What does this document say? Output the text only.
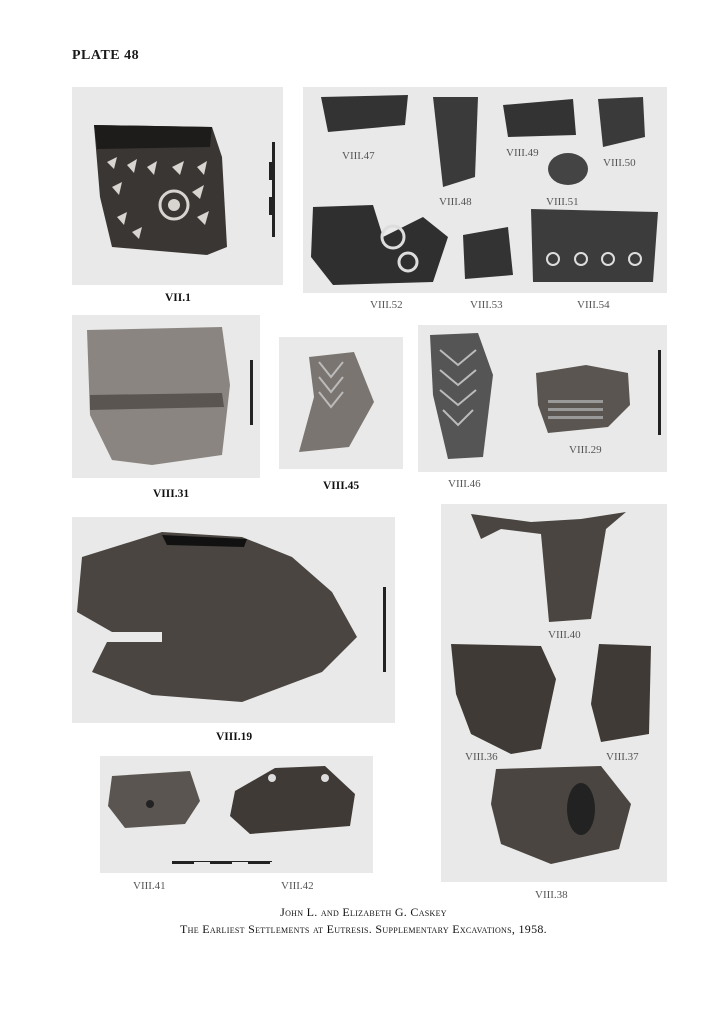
PLATE 48
VII.1
VIII.47
VIII.48
VIII.49
VIII.50
VIII.51
VIII.52	VIII.53	VIII.54
VIII.31
VIII.45	VIII.46
VIII.29
VIII.19
VIII.41	VIII.42
VIII.40
VIII.36	VIII.37
VIII.38
John L. and Elizabeth G. Caskey
The Earliest Settlements at Eutresis. Supplementary Excavations, 1958.
